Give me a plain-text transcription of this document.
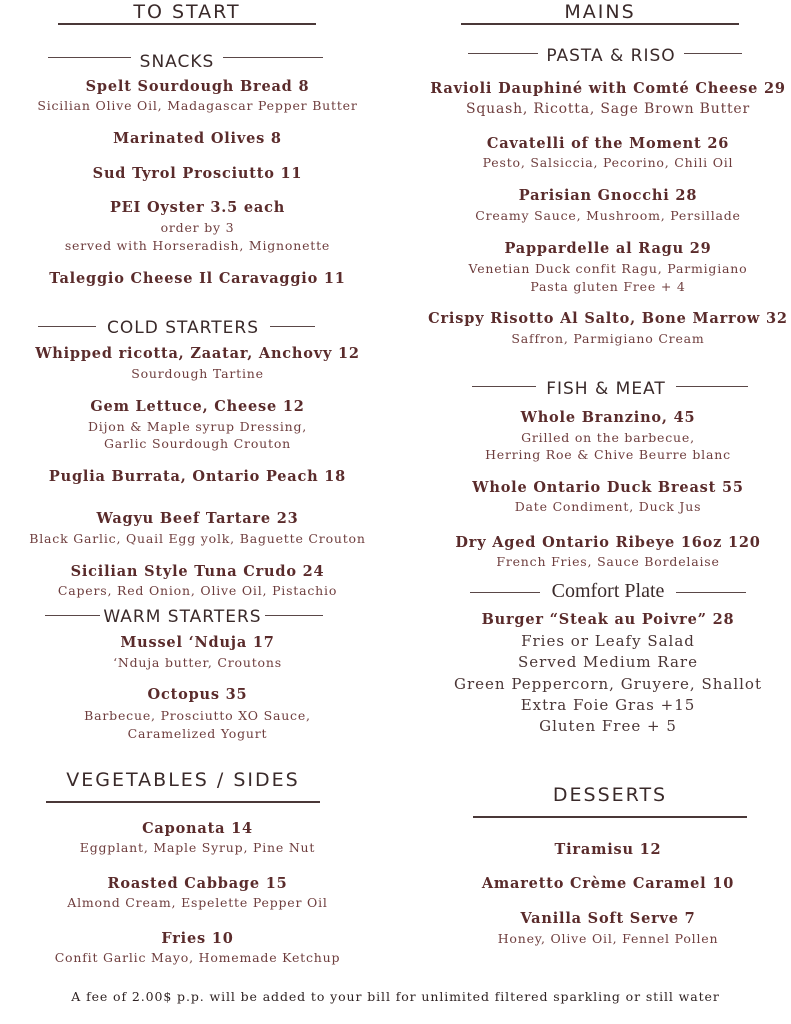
TO START
SNACKS
Spelt Sourdough Bread 8
Sicilian Olive Oil, Madagascar Pepper Butter
Marinated Olives 8
Sud Tyrol Prosciutto 11
PEI Oyster 3.5 each
order by 3
served with Horseradish, Mignonette
Taleggio Cheese Il Caravaggio 11
COLD STARTERS
Whipped ricotta, Zaatar, Anchovy 12
Sourdough Tartine
Gem Lettuce, Cheese 12
Dijon & Maple syrup Dressing,
Garlic Sourdough Crouton
Puglia Burrata, Ontario Peach 18
Wagyu Beef Tartare 23
Black Garlic, Quail Egg yolk, Baguette Crouton
Sicilian Style Tuna Crudo 24
Capers, Red Onion, Olive Oil, Pistachio
WARM STARTERS
Mussel ‘Nduja 17
‘Nduja butter, Croutons
Octopus 35
Barbecue, Prosciutto XO Sauce,
Caramelized Yogurt
VEGETABLES / SIDES
Caponata 14
Eggplant, Maple Syrup, Pine Nut
Roasted Cabbage 15
Almond Cream, Espelette Pepper Oil
Fries 10
Confit Garlic Mayo, Homemade Ketchup
MAINS
PASTA & RISO
Ravioli Dauphiné with Comté Cheese 29
Squash, Ricotta, Sage Brown Butter
Cavatelli of the Moment 26
Pesto, Salsiccia, Pecorino, Chili Oil
Parisian Gnocchi 28
Creamy Sauce, Mushroom, Persillade
Pappardelle al Ragu 29
Venetian Duck confit Ragu, Parmigiano
Pasta gluten Free + 4
Crispy Risotto Al Salto, Bone Marrow 32
Saffron, Parmigiano Cream
FISH & MEAT
Whole Branzino, 45
Grilled on the barbecue,
Herring Roe & Chive Beurre blanc
Whole Ontario Duck Breast 55
Date Condiment, Duck Jus
Dry Aged Ontario Ribeye 16oz 120
French Fries, Sauce Bordelaise
Comfort Plate
Burger “Steak au Poivre” 28
Fries or Leafy Salad
Served Medium Rare
Green Peppercorn, Gruyere, Shallot
Extra Foie Gras +15
Gluten Free + 5
DESSERTS
Tiramisu 12
Amaretto Crème Caramel 10
Vanilla Soft Serve 7
Honey, Olive Oil, Fennel Pollen
A fee of 2.00$ p.p. will be added to your bill for unlimited filtered sparkling or still water
